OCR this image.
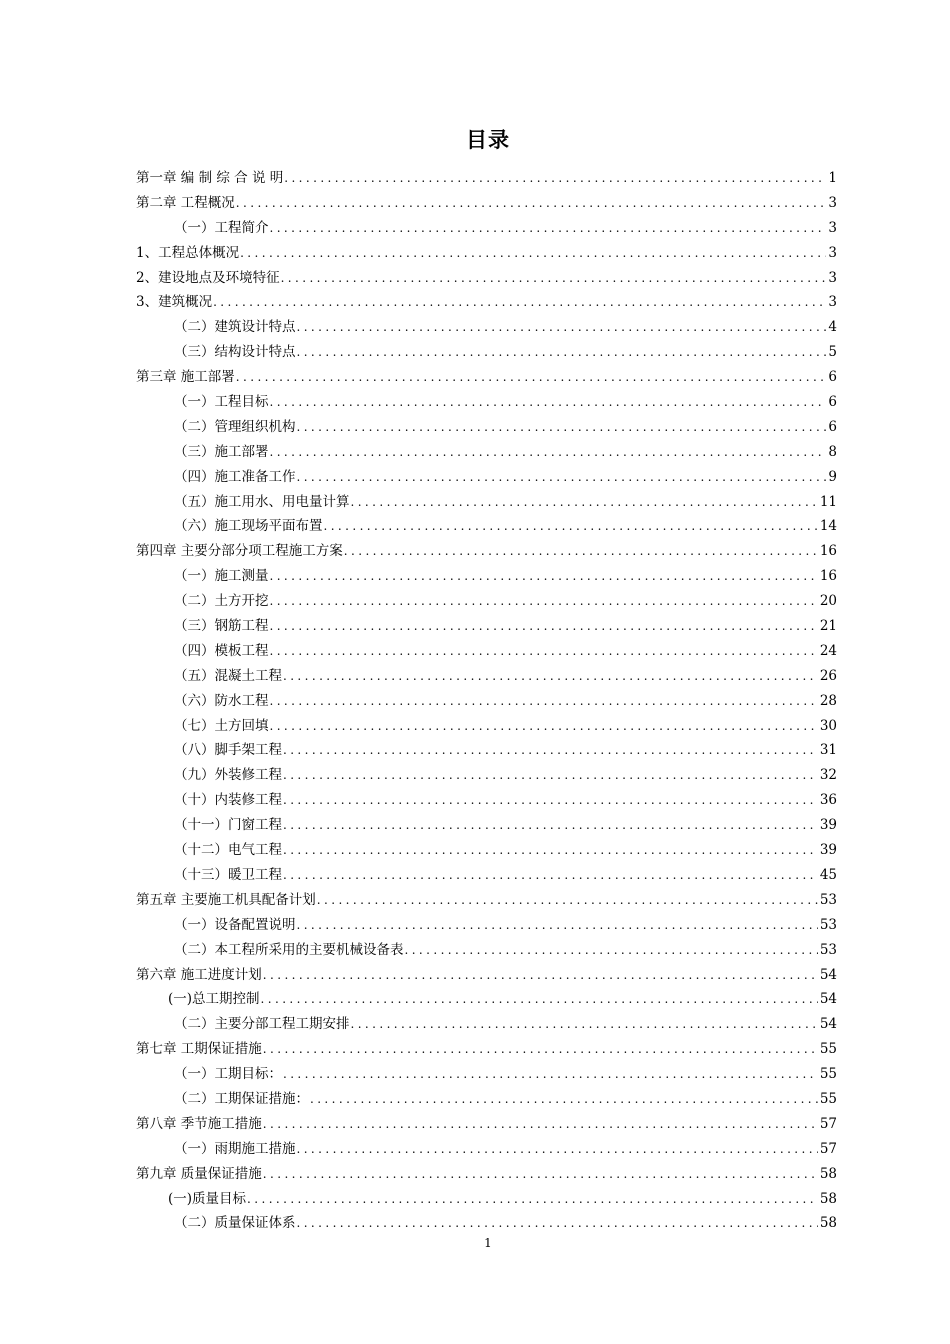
目录
第一章 编 制 综 合 说 明 .....	1
第二章 工程概况 .....	3
（一）工程简介 .....	3
1、工程总体概况 .....	3
2、建设地点及环境特征 .....	3
3、建筑概况 .....	3
（二）建筑设计特点 .....	4
（三）结构设计特点 .....	5
第三章 施工部署 .....	6
（一）工程目标 .....	6
（二）管理组织机构 .....	6
（三）施工部署 .....	8
（四）施工准备工作 .....	9
（五）施工用水、用电量计算 .....	11
（六）施工现场平面布置 .....	14
第四章 主要分部分项工程施工方案 .....	16
（一）施工测量 .....	16
（二）土方开挖 .....	20
（三）钢筋工程 .....	21
（四）模板工程 .....	24
（五）混凝土工程 .....	26
（六）防水工程 .....	28
（七）土方回填 .....	30
（八）脚手架工程 .....	31
（九）外装修工程 .....	32
（十）内装修工程 .....	36
（十一）门窗工程 .....	39
（十二）电气工程 .....	39
（十三）暖卫工程 .....	45
第五章 主要施工机具配备计划 .....	53
（一）设备配置说明 .....	53
（二）本工程所采用的主要机械设备表 .....	53
第六章 施工进度计划 .....	54
(一)总工期控制 .....	54
（二）主要分部工程工期安排 .....	54
第七章 工期保证措施 .....	55
（一）工期目标： .....	55
（二）工期保证措施： .....	55
第八章 季节施工措施 .....	57
（一）雨期施工措施 .....	57
第九章 质量保证措施 .....	58
(一)质量目标 .....	58
（二）质量保证体系 .....	58
1
